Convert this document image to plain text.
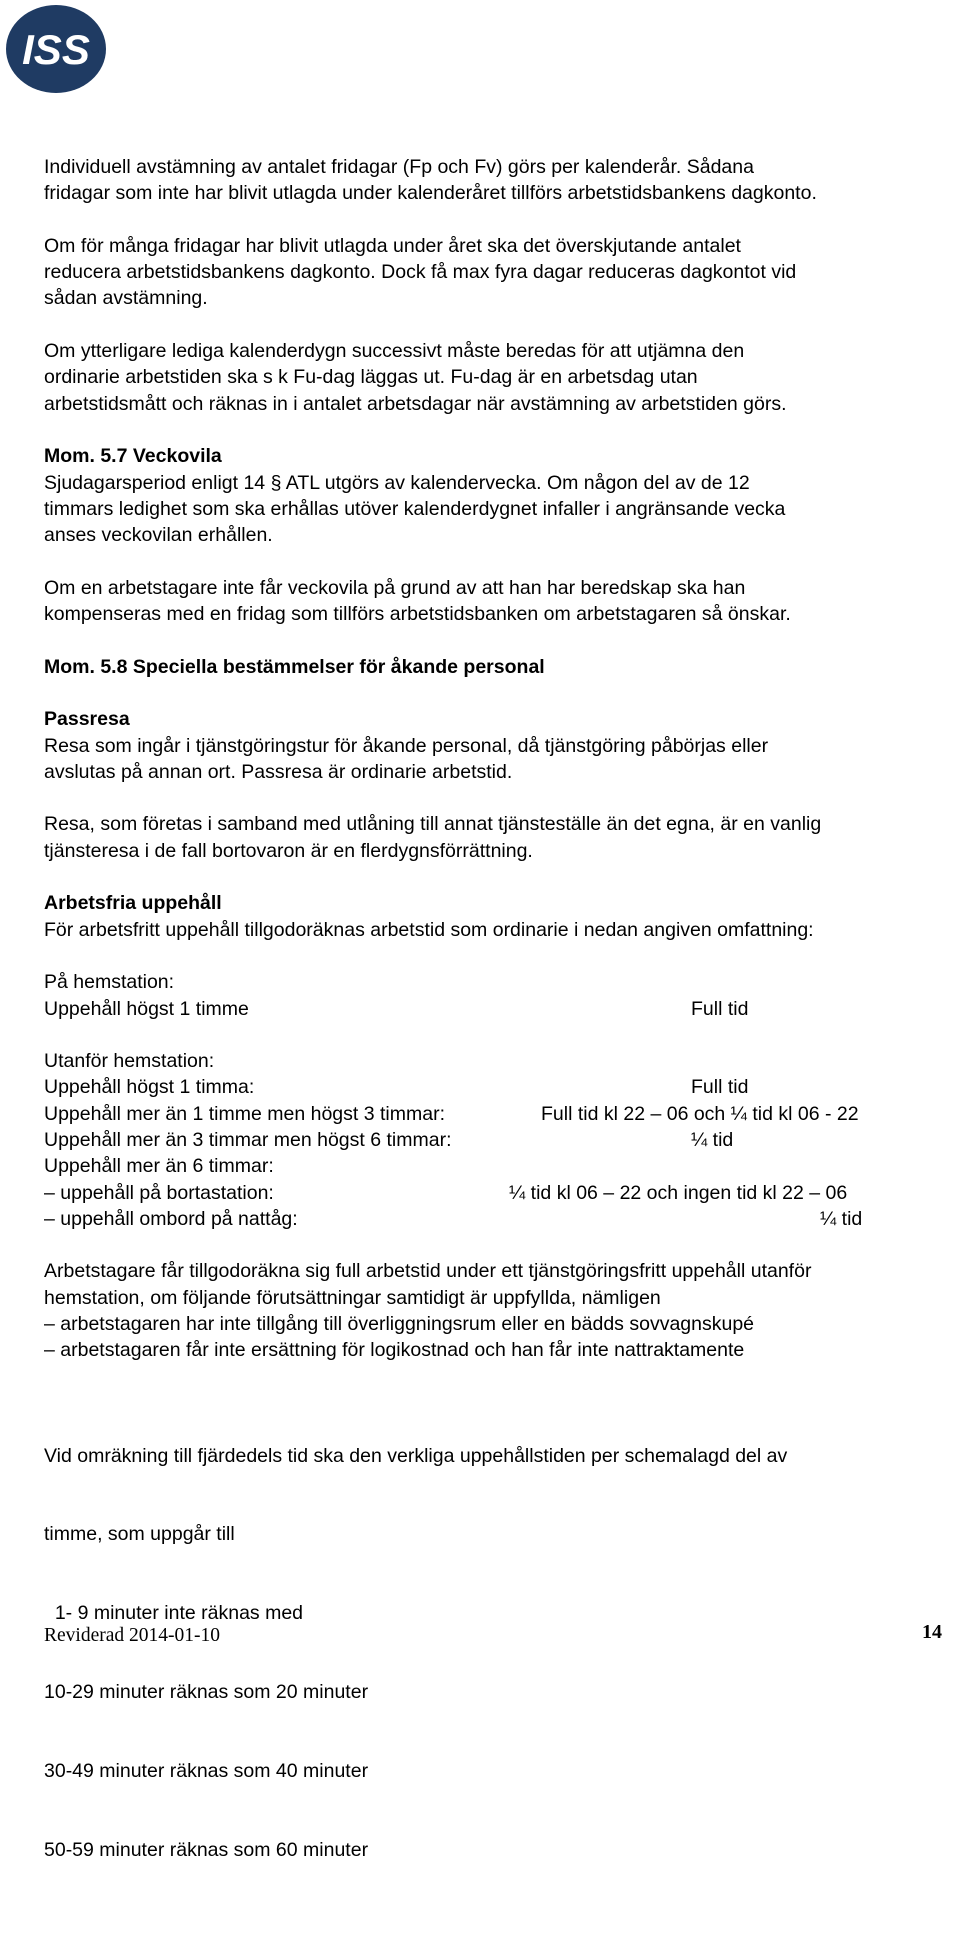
ISS

Individuell avstämning av antalet fridagar (Fp och Fv) görs per kalenderår. Sådana
fridagar som inte har blivit utlagda under kalenderåret tillförs arbetstidsbankens dagkonto.

Om för många fridagar har blivit utlagda under året ska det överskjutande antalet
reducera arbetstidsbankens dagkonto. Dock få max fyra dagar reduceras dagkontot vid
sådan avstämning.

Om ytterligare lediga kalenderdygn successivt måste beredas för att utjämna den
ordinarie arbetstiden ska s k Fu-dag läggas ut. Fu-dag är en arbetsdag utan
arbetstidsmått och räknas in i antalet arbetsdagar när avstämning av arbetstiden görs.

Mom. 5.7 Veckovila
Sjudagarsperiod enligt 14 § ATL utgörs av kalendervecka. Om någon del av de 12
timmars ledighet som ska erhållas utöver kalenderdygnet infaller i angränsande vecka
anses veckovilan erhållen.

Om en arbetstagare inte får veckovila på grund av att han har beredskap ska han
kompenseras med en fridag som tillförs arbetstidsbanken om arbetstagaren så önskar.

Mom. 5.8 Speciella bestämmelser för åkande personal

Passresa
Resa som ingår i tjänstgöringstur för åkande personal, då tjänstgöring påbörjas eller
avslutas på annan ort. Passresa är ordinarie arbetstid.

Resa, som företas i samband med utlåning till annat tjänsteställe än det egna, är en vanlig
tjänsteresa i de fall bortovaron är en flerdygnsförrättning.

Arbetsfria uppehåll
För arbetsfritt uppehåll tillgodoräknas arbetstid som ordinarie i nedan angiven omfattning:

På hemstation:
Uppehåll högst 1 timme	Full tid
Utanför hemstation:
Uppehåll högst 1 timma:	Full tid
Uppehåll mer än 1 timme men högst 3 timmar:	Full tid kl 22 – 06 och ¼ tid kl 06 - 22
Uppehåll mer än 3 timmar men högst 6 timmar:	¼ tid
Uppehåll mer än 6 timmar:
– uppehåll på bortastation:	¼ tid kl 06 – 22 och ingen tid kl 22 – 06
– uppehåll ombord på nattåg:	¼ tid

Arbetstagare får tillgodoräkna sig full arbetstid under ett tjänstgöringsfritt uppehåll utanför
hemstation, om följande förutsättningar samtidigt är uppfyllda, nämligen
– arbetstagaren har inte tillgång till överliggningsrum eller en bädds sovvagnskupé
– arbetstagaren får inte ersättning för logikostnad och han får inte nattraktamente

Vid omräkning till fjärdedels tid ska den verkliga uppehållstiden per schemalagd del av

timme, som uppgår till

1- 9 minuter inte räknas med

10-29 minuter räknas som 20 minuter

30-49 minuter räknas som 40 minuter

50-59 minuter räknas som 60 minuter

Reviderad 2014-01-10	14
